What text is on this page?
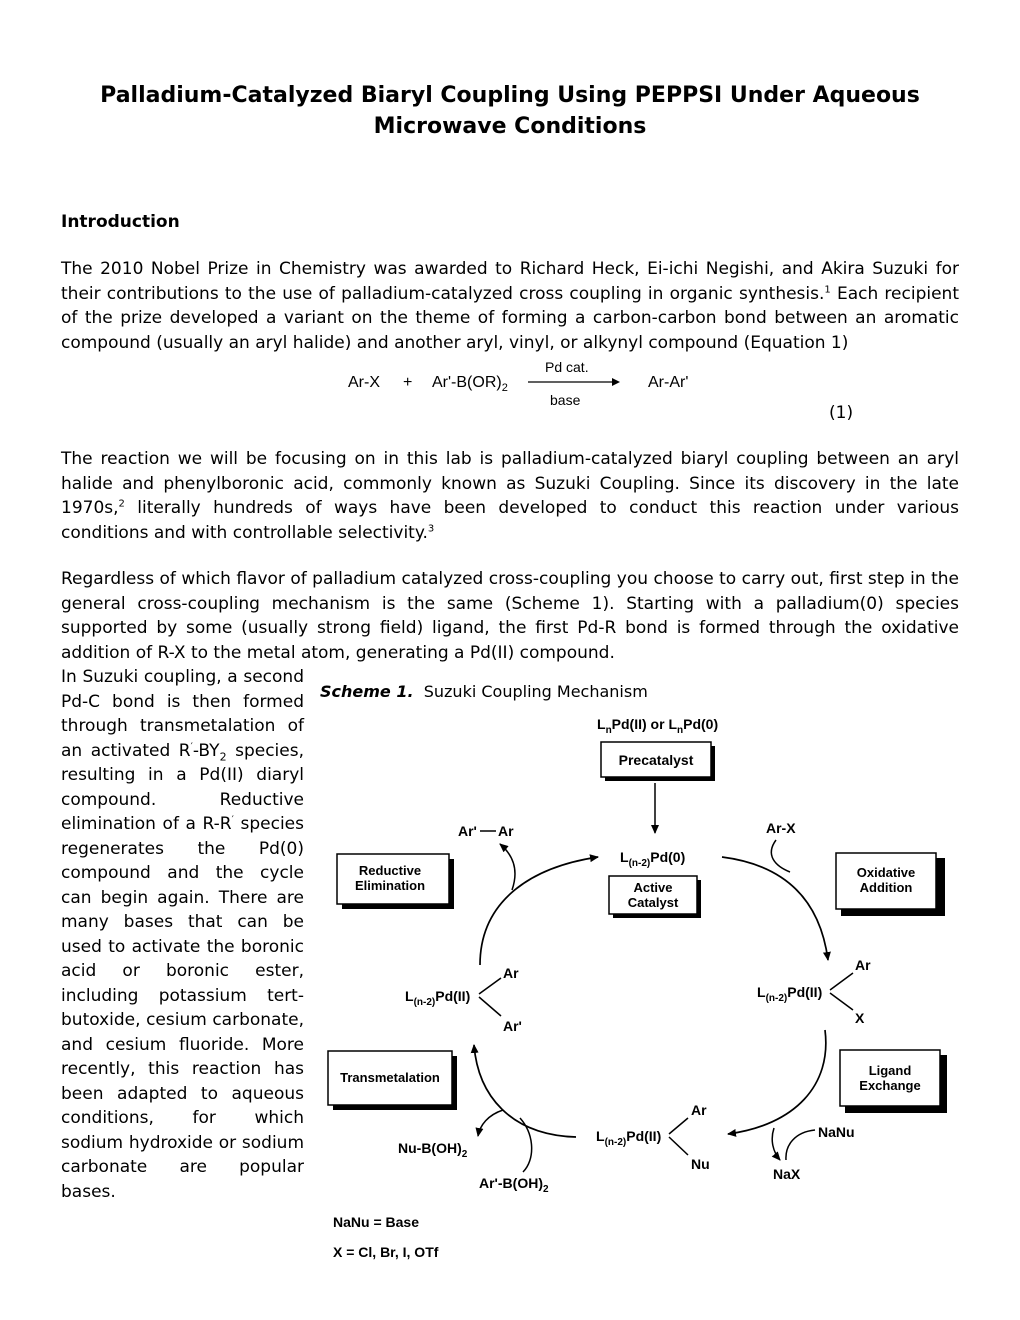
Palladium-Catalyzed Biaryl Coupling Using PEPPSI Under Aqueous
Microwave Conditions
Introduction

The 2010 Nobel Prize in Chemistry was awarded to Richard Heck, Ei-ichi Negishi, and Akira Suzuki for their contributions to the use of palladium-catalyzed cross coupling in organic synthesis.$^1$ Each recipient of the prize developed a variant on the theme of forming a carbon-carbon bond between an aromatic compound (usually an aryl halide) and another aryl, vinyl, or alkynyl compound (Equation 1)

$Ar-X + Ar'-B(OR)_2$
Pd cat.
base
Ar-Ar'
(1)

The reaction we will be focusing on in this lab is palladium-catalyzed biaryl coupling between an aryl halide and phenylboronic acid, commonly known as Suzuki Coupling. Since its discovery in the late 1970s,$^2$ literally hundreds of ways have been developed to conduct this reaction under various conditions and with controllable selectivity.$^3$

Regardless of which flavor of palladium catalyzed cross-coupling you choose to carry out, first step in the general cross-coupling mechanism is the same (Scheme 1). Starting with a palladium(0) species supported by some (usually strong field) ligand, the first Pd-R bond is formed through the oxidative addition of R-X to the metal atom, generating a Pd(II) compound.

In Suzuki coupling, a second Pd-C bond is then formed through transmetalation of an activated $R'-BY_2$ species, resulting in a Pd(II) diaryl compound. Reductive elimination of a R-R′ species regenerates the Pd(0) compound and the cycle can begin again. There are many bases that can be used to activate the boronic acid or boronic ester, including potassium tert-butoxide, cesium carbonate, and cesium fluoride. More recently, this reaction has been adapted to aqueous conditions, for which sodium hydroxide or sodium carbonate are popular bases.

Scheme 1. Suzuki Coupling Mechanism
$L_nPd(II)$ or $L_nPd(0)$
Precatalyst
$L_{(n-2)}Pd(0)$
Active
Catalyst
Reductive
Elimination
Oxidative
Addition
Transmetalation	Ligand
Exchange
Ar' Ar	Ar-X
$L_{(n-2)}Pd(II)$
Ar
X
$L_{(n-2)}Pd(II)$
Ar
Ar'
$L_{(n-2)}Pd(II)$
Ar
Nu
NaNu
NaX
$Nu-B(OH)_2$
$Ar'-B(OH)_2$
NaNu = Base
X = Cl, Br, I, OTf
